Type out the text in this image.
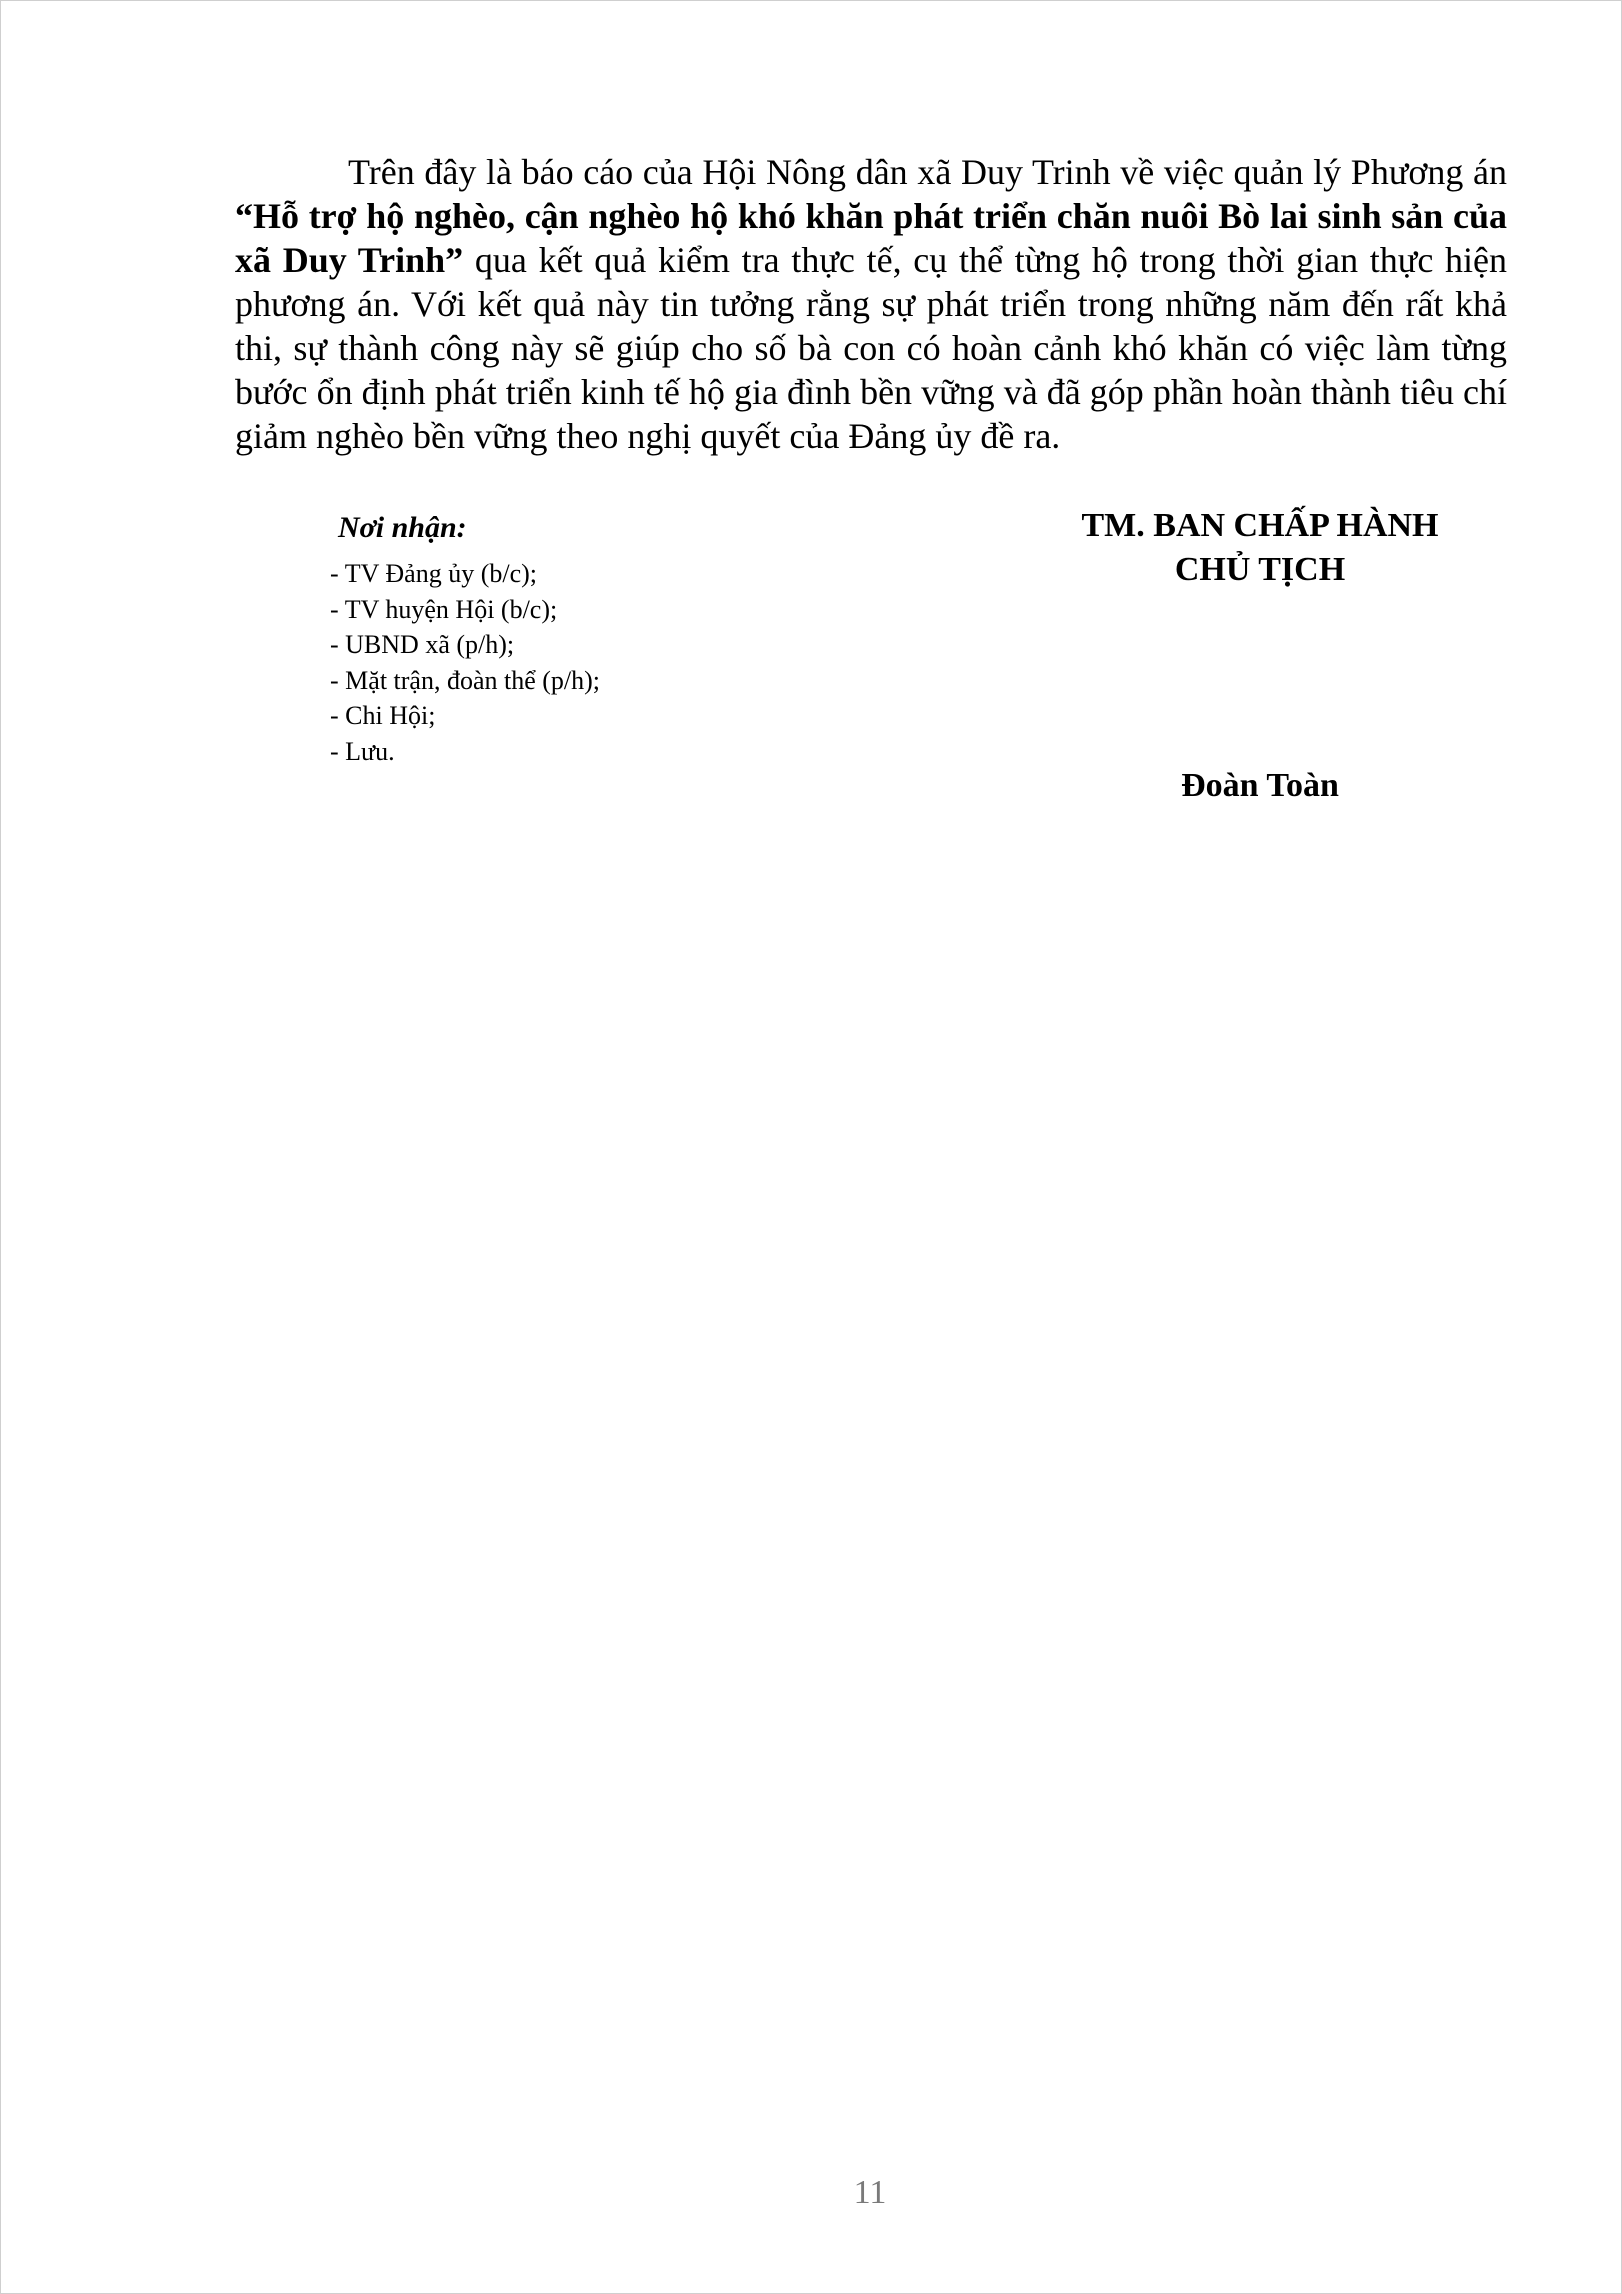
Trên đây là báo cáo của Hội Nông dân xã Duy Trinh về việc quản lý Phương án “Hỗ trợ hộ nghèo, cận nghèo hộ khó khăn phát triển chăn nuôi Bò lai sinh sản của xã Duy Trinh” qua kết quả kiểm tra thực tế, cụ thể từng hộ trong thời gian thực hiện phương án. Với kết quả này tin tưởng rằng sự phát triển trong những năm đến rất khả thi, sự thành công này sẽ giúp cho số bà con có hoàn cảnh khó khăn có việc làm từng bước ổn định phát triển kinh tế hộ gia đình bền vững và đã góp phần hoàn thành tiêu chí giảm nghèo bền vững theo nghị quyết của Đảng ủy đề ra.

Nơi nhận:
- TV Đảng ủy (b/c);
- TV huyện Hội (b/c);
- UBND xã (p/h);
- Mặt trận, đoàn thể (p/h);
- Chi Hội;
- Lưu.
TM. BAN CHẤP HÀNH
CHỦ TỊCH
Đoàn Toàn
11
